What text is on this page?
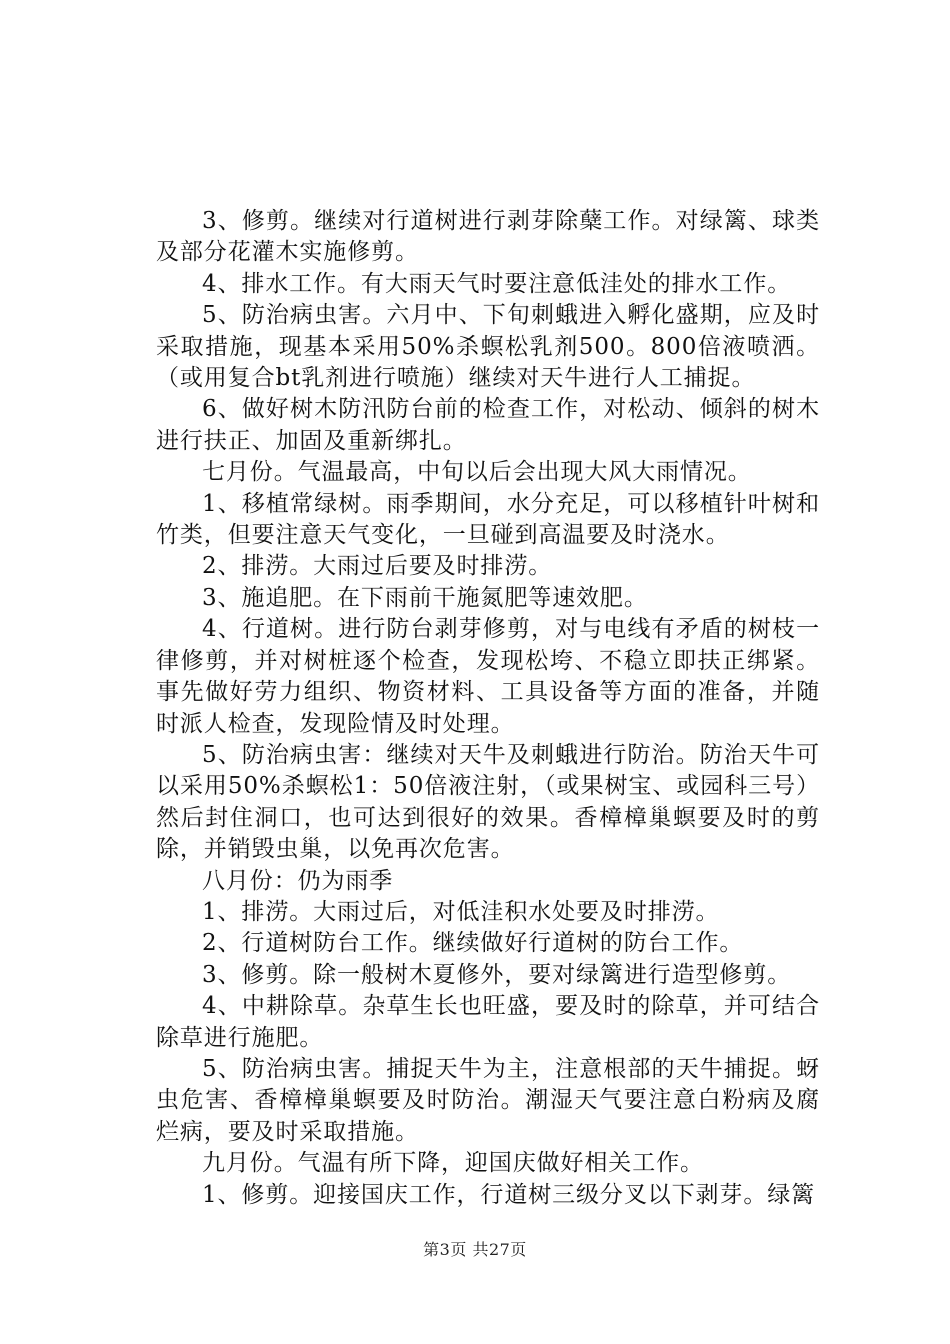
3、修剪。继续对行道树进行剥芽除蘖工作。对绿篱、球类及部分花灌木实施修剪。

4、排水工作。有大雨天气时要注意低洼处的排水工作。

5、防治病虫害。六月中、下旬刺蛾进入孵化盛期，应及时采取措施，现基本采用50%杀螟松乳剂500。800倍液喷洒。（或用复合bt乳剂进行喷施）继续对天牛进行人工捕捉。

6、做好树木防汛防台前的检查工作，对松动、倾斜的树木进行扶正、加固及重新绑扎。

七月份。气温最高，中旬以后会出现大风大雨情况。

1、移植常绿树。雨季期间，水分充足，可以移植针叶树和竹类，但要注意天气变化，一旦碰到高温要及时浇水。

2、排涝。大雨过后要及时排涝。

3、施追肥。在下雨前干施氮肥等速效肥。

4、行道树。进行防台剥芽修剪，对与电线有矛盾的树枝一律修剪，并对树桩逐个检查，发现松垮、不稳立即扶正绑紧。事先做好劳力组织、物资材料、工具设备等方面的准备，并随时派人检查，发现险情及时处理。

5、防治病虫害：继续对天牛及刺蛾进行防治。防治天牛可以采用50%杀螟松1：50倍液注射，（或果树宝、或园科三号）然后封住洞口，也可达到很好的效果。香樟樟巢螟要及时的剪除，并销毁虫巢，以免再次危害。

八月份：仍为雨季

1、排涝。大雨过后，对低洼积水处要及时排涝。

2、行道树防台工作。继续做好行道树的防台工作。

3、修剪。除一般树木夏修外，要对绿篱进行造型修剪。

4、中耕除草。杂草生长也旺盛，要及时的除草，并可结合除草进行施肥。

5、防治病虫害。捕捉天牛为主，注意根部的天牛捕捉。蚜虫危害、香樟樟巢螟要及时防治。潮湿天气要注意白粉病及腐烂病，要及时采取措施。

九月份。气温有所下降，迎国庆做好相关工作。

1、修剪。迎接国庆工作，行道树三级分叉以下剥芽。绿篱

第3页 共27页
